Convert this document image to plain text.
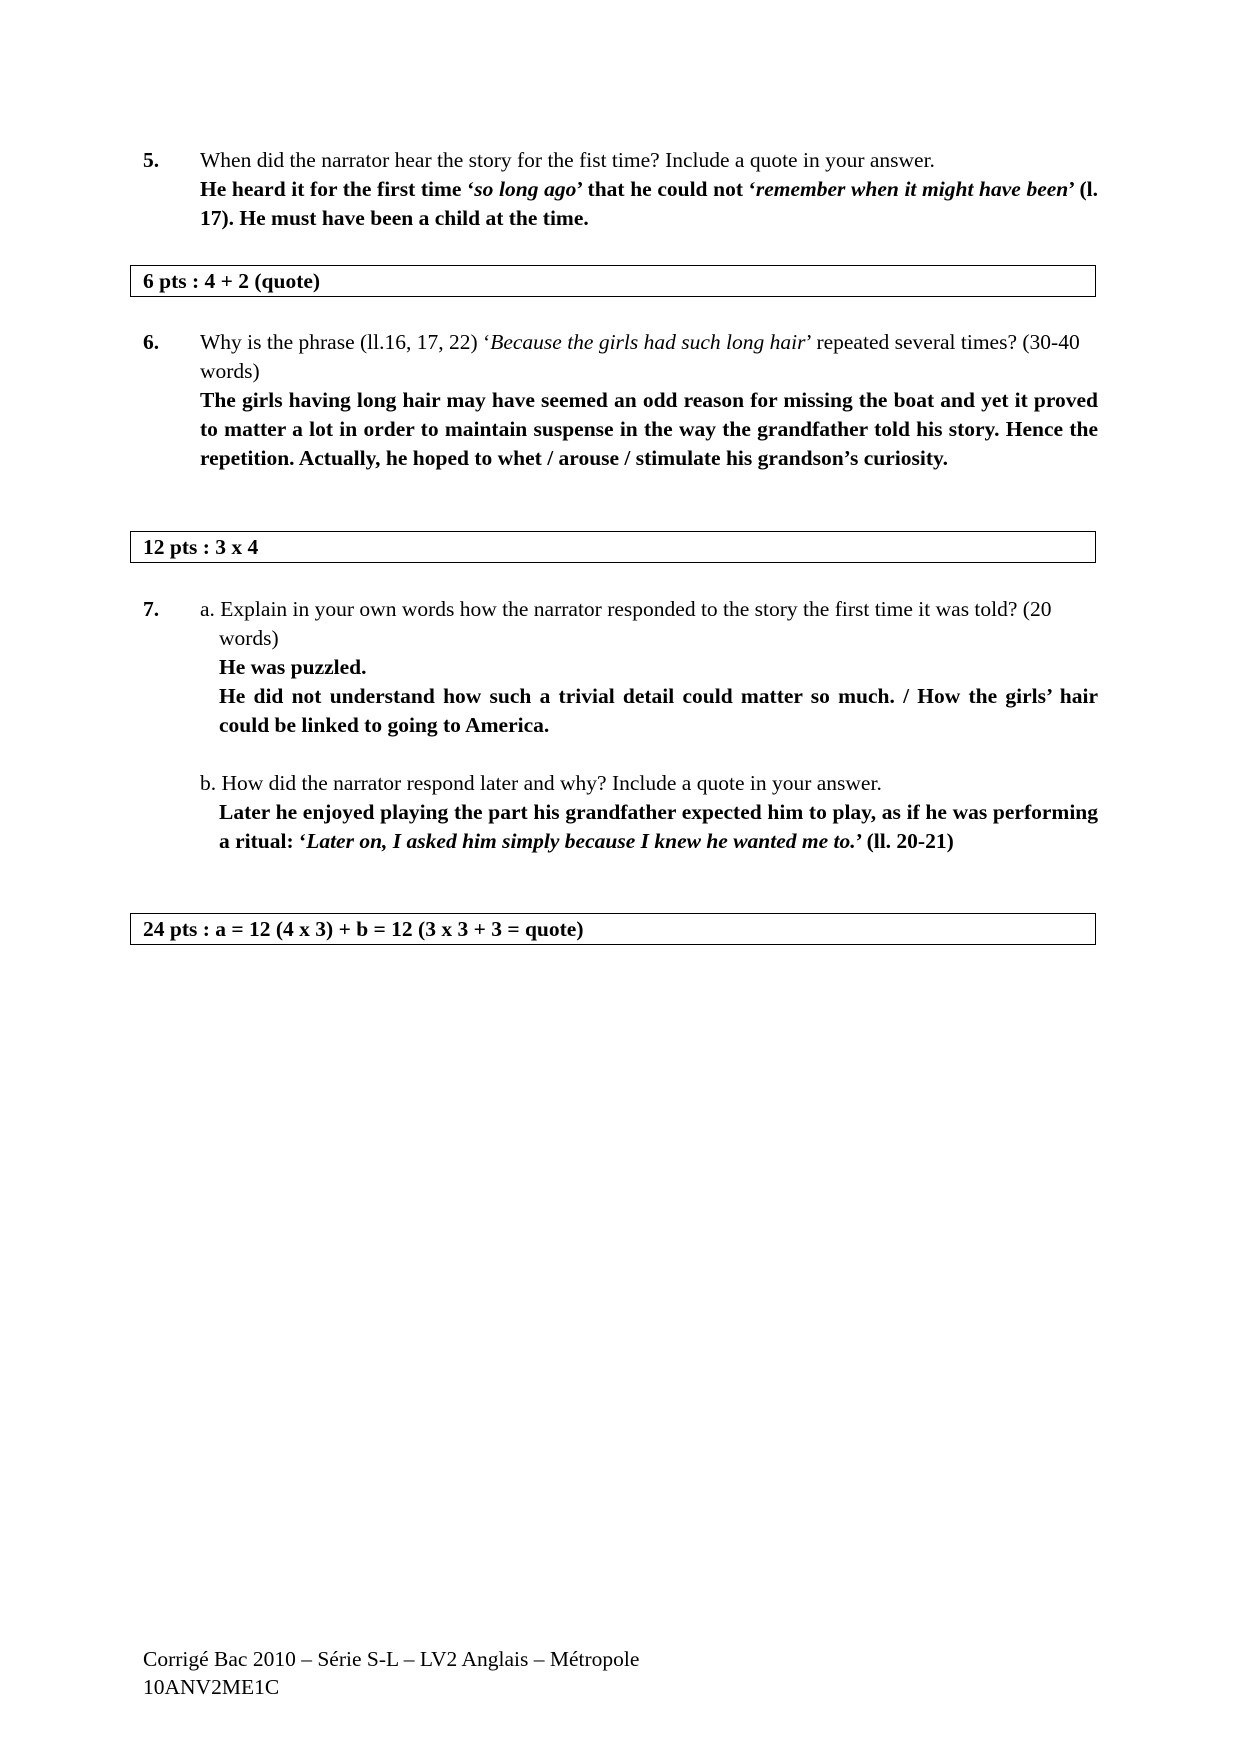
5.	When did the narrator hear the story for the fist time? Include a quote in your answer.
He heard it for the first time ‘so long ago’ that he could not ‘remember when it might have been’ (l. 17). He must have been a child at the time.
6 pts : 4 + 2 (quote)
6.	Why is the phrase (ll.16, 17, 22) ‘Because the girls had such long hair’ repeated several times? (30-40 words)
The girls having long hair may have seemed an odd reason for missing the boat and yet it proved to matter a lot in order to maintain suspense in the way the grandfather told his story. Hence the repetition. Actually, he hoped to whet / arouse / stimulate his grandson’s curiosity.
12 pts : 3 x 4
7.	a. Explain in your own words how the narrator responded to the story the first time it was told? (20 words)
He was puzzled.
He did not understand how such a trivial detail could matter so much. / How the girls’ hair could be linked to going to America.
b. How did the narrator respond later and why? Include a quote in your answer.
Later he enjoyed playing the part his grandfather expected him to play, as if he was performing a ritual: ‘Later on, I asked him simply because I knew he wanted me to.’ (ll. 20-21)
24 pts : a = 12 (4 x 3) + b = 12 (3 x 3 + 3 = quote)
Corrigé Bac 2010 – Série S-L – LV2 Anglais – Métropole
10ANV2ME1C
